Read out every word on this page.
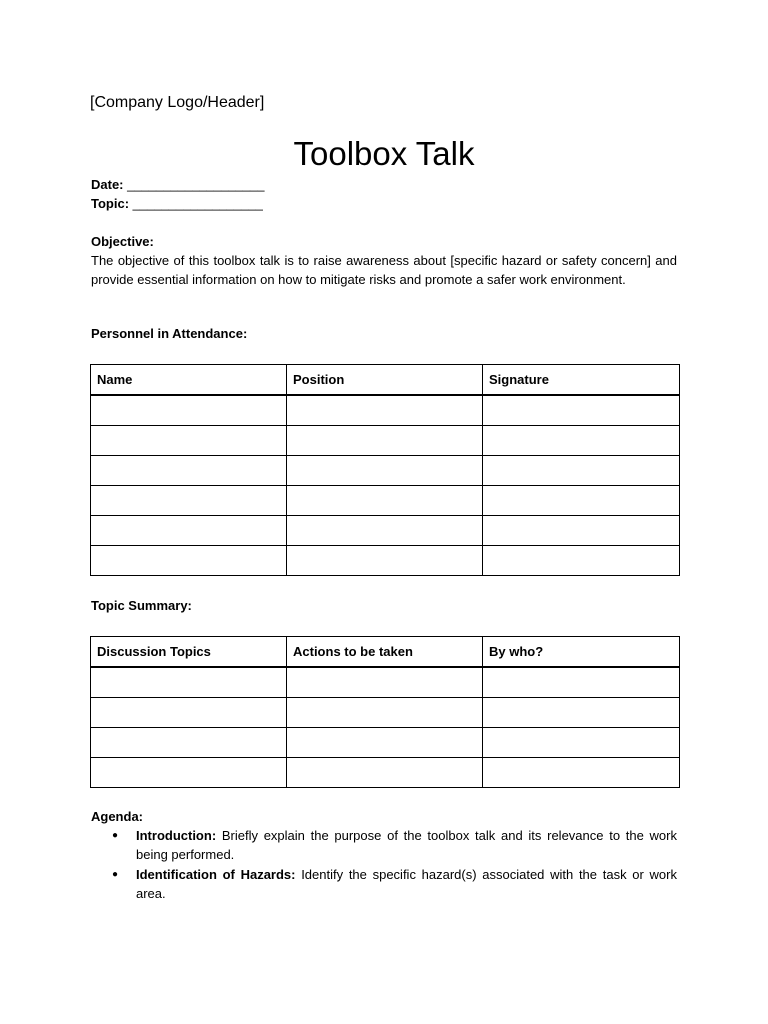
[Company Logo/Header]
Toolbox Talk
Date: ___________________
Topic: __________________
Objective:
The objective of this toolbox talk is to raise awareness about [specific hazard or safety concern] and provide essential information on how to mitigate risks and promote a safer work environment.
Personnel in Attendance:
Name	Position	Signature

Topic Summary:
Discussion Topics	Actions to be taken	By who?

Agenda:
● Introduction: Briefly explain the purpose of the toolbox talk and its relevance to the work being performed.
● Identification of Hazards: Identify the specific hazard(s) associated with the task or work area.
